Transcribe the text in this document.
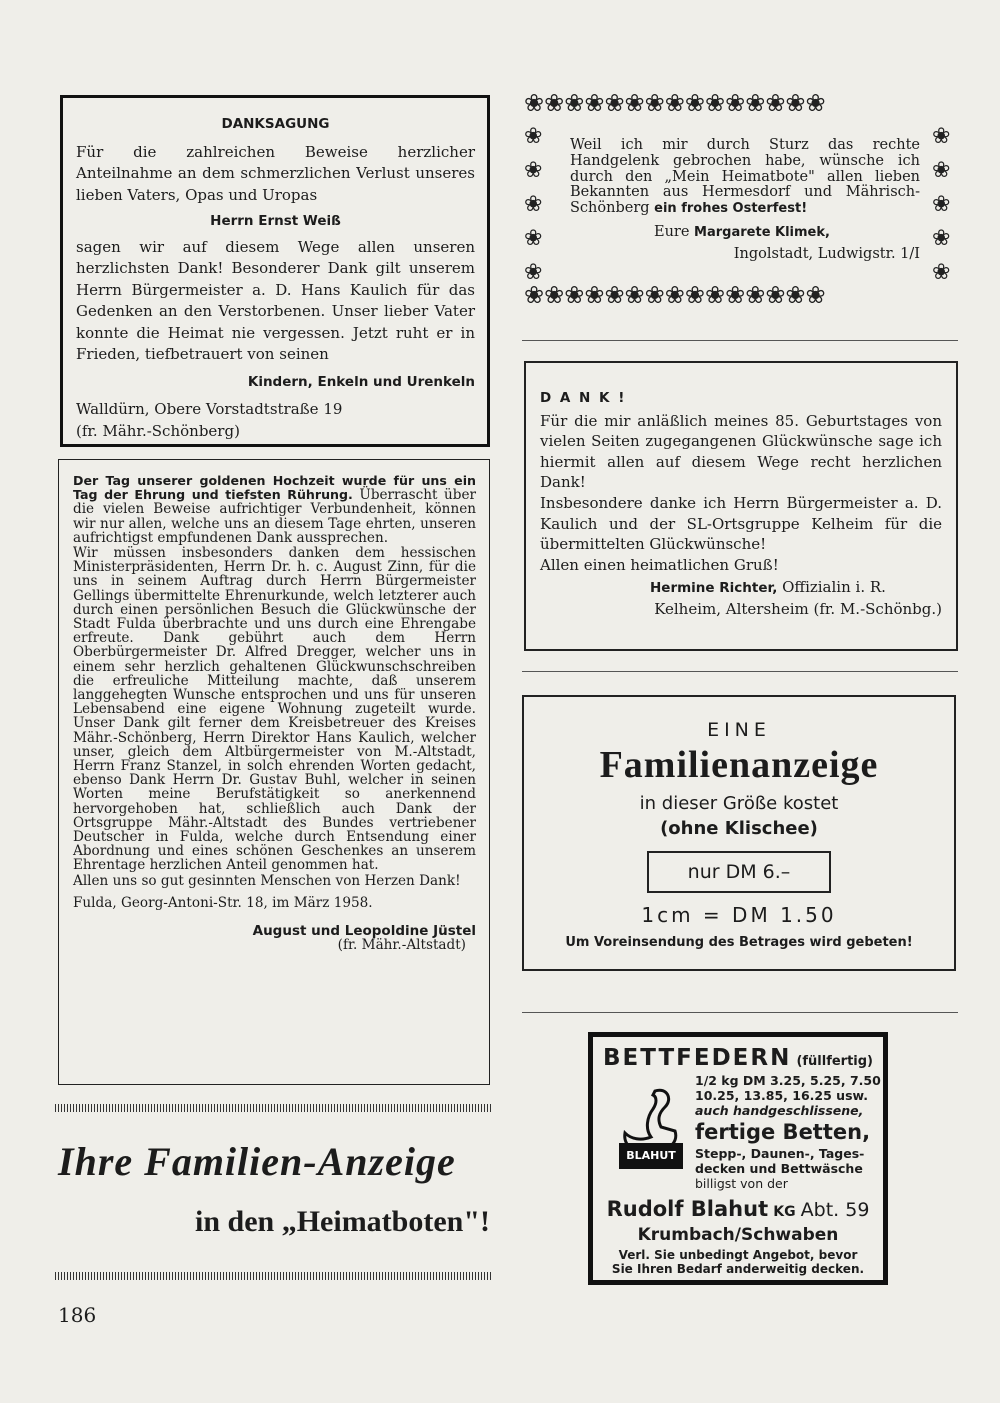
DANKSAGUNG

Für die zahlreichen Beweise herzlicher Anteilnahme an dem schmerzlichen Verlust unseres lieben Vaters, Opas und Uropas

Herrn Ernst Weiß

sagen wir auf diesem Wege allen unseren herzlichsten Dank! Besonderer Dank gilt unserem Herrn Bürgermeister a. D. Hans Kaulich für das Gedenken an den Verstorbenen. Unser lieber Vater konnte die Heimat nie vergessen. Jetzt ruht er in Frieden, tiefbetrauert von seinen

Kindern, Enkeln und Urenkeln
Walldürn, Obere Vorstadtstraße 19
(fr. Mähr.-Schönberg)

Der Tag unserer goldenen Hochzeit wurde für uns ein Tag der Ehrung und tiefsten Rührung. Überrascht über die vielen Beweise aufrichtiger Verbundenheit, können wir nur allen, welche uns an diesem Tage ehrten, unseren aufrichtigst empfundenen Dank aussprechen.

Wir müssen insbesonders danken dem hessischen Ministerpräsidenten, Herrn Dr. h. c. August Zinn, für die uns in seinem Auftrag durch Herrn Bürgermeister Gellings übermittelte Ehrenurkunde, welch letzterer auch durch einen persönlichen Besuch die Glückwünsche der Stadt Fulda überbrachte und uns durch eine Ehrengabe erfreute. Dank gebührt auch dem Herrn Oberbürgermeister Dr. Alfred Dregger, welcher uns in einem sehr herzlich gehaltenen Glückwunschschreiben die erfreuliche Mitteilung machte, daß unserem langgehegten Wunsche entsprochen und uns für unseren Lebensabend eine eigene Wohnung zugeteilt wurde. Unser Dank gilt ferner dem Kreisbetreuer des Kreises Mähr.-Schönberg, Herrn Direktor Hans Kaulich, welcher unser, gleich dem Altbürgermeister von M.-Altstadt, Herrn Franz Stanzel, in solch ehrenden Worten gedacht, ebenso Dank Herrn Dr. Gustav Buhl, welcher in seinen Worten meine Berufstätigkeit so anerkennend hervorgehoben hat, schließlich auch Dank der Ortsgruppe Mähr.-Altstadt des Bundes vertriebener Deutscher in Fulda, welche durch Entsendung einer Abordnung und eines schönen Geschenkes an unserem Ehrentage herzlichen Anteil genommen hat.

Allen uns so gut gesinnten Menschen von Herzen Dank!

Fulda, Georg-Antoni-Str. 18, im März 1958.

August und Leopoldine Jüstel
(fr. Mähr.-Altstadt)
Ihre Familien-Anzeige
in den „Heimatboten"!
186
❀❀❀❀❀❀❀❀❀❀❀❀❀❀❀
❀❀❀❀❀❀❀❀❀❀❀❀❀❀❀
❀
❀
❀
❀
❀
❀
❀
❀
❀
❀

Weil ich mir durch Sturz das rechte Handgelenk gebrochen habe, wünsche ich durch den „Mein Heimatbote" allen lieben Bekannten aus Hermesdorf und Mährisch-Schönberg ein frohes Osterfest!

Eure Margarete Klimek,
Ingolstadt, Ludwigstr. 1/I
D A N K !

Für die mir anläßlich meines 85. Geburtstages von vielen Seiten zugegangenen Glückwünsche sage ich hiermit allen auf diesem Wege recht herzlichen Dank!

Insbesondere danke ich Herrn Bürgermeister a. D. Kaulich und der SL-Ortsgruppe Kelheim für die übermittelten Glückwünsche!

Allen einen heimatlichen Gruß!

Hermine Richter, Offizialin i. R.
Kelheim, Altersheim (fr. M.-Schönbg.)
EINE
Familienanzeige
in dieser Größe kostet
(ohne Klischee)
nur DM 6.–
1cm = DM 1.50
Um Voreinsendung des Betrages wird gebeten!
BETTFEDERN (füllfertig)
BLAHUT
1/2 kg DM 3.25, 5.25, 7.50
10.25, 13.85, 16.25 usw.
auch handgeschlissene,
fertige Betten,
Stepp-, Daunen-, Tages-
decken und Bettwäsche
billigst von der
Rudolf Blahut KG Abt. 59
Krumbach/Schwaben
Verl. Sie unbedingt Angebot, bevor
Sie Ihren Bedarf anderweitig decken.
